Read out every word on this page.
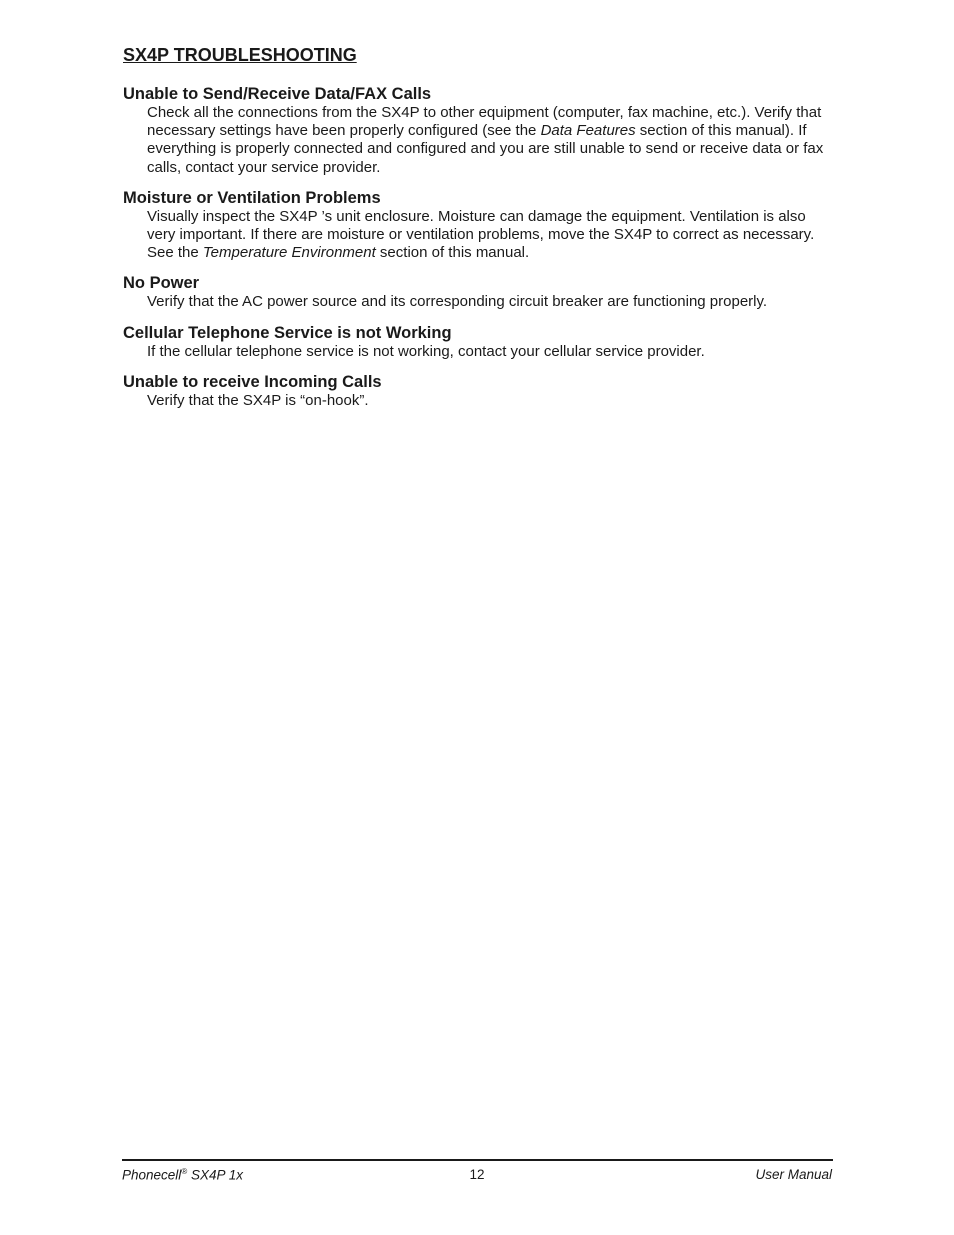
SX4P TROUBLESHOOTING
Unable to Send/Receive Data/FAX Calls

Check all the connections from the SX4P to other equipment (computer, fax machine, etc.). Verify that necessary settings have been properly configured (see the Data Features section of this manual). If everything is properly connected and configured and you are still unable to send or receive data or fax calls, contact your service provider.

Moisture or Ventilation Problems

Visually inspect the SX4P ’s unit enclosure. Moisture can damage the equipment. Ventilation is also very important. If there are moisture or ventilation problems, move the SX4P to correct as necessary. See the Temperature Environment section of this manual.

No Power

Verify that the AC power source and its corresponding circuit breaker are functioning properly.

Cellular Telephone Service is not Working

If the cellular telephone service is not working, contact your cellular service provider.

Unable to receive Incoming Calls

Verify that the SX4P is “on-hook”.

Phonecell® SX4P 1x	12	User Manual
